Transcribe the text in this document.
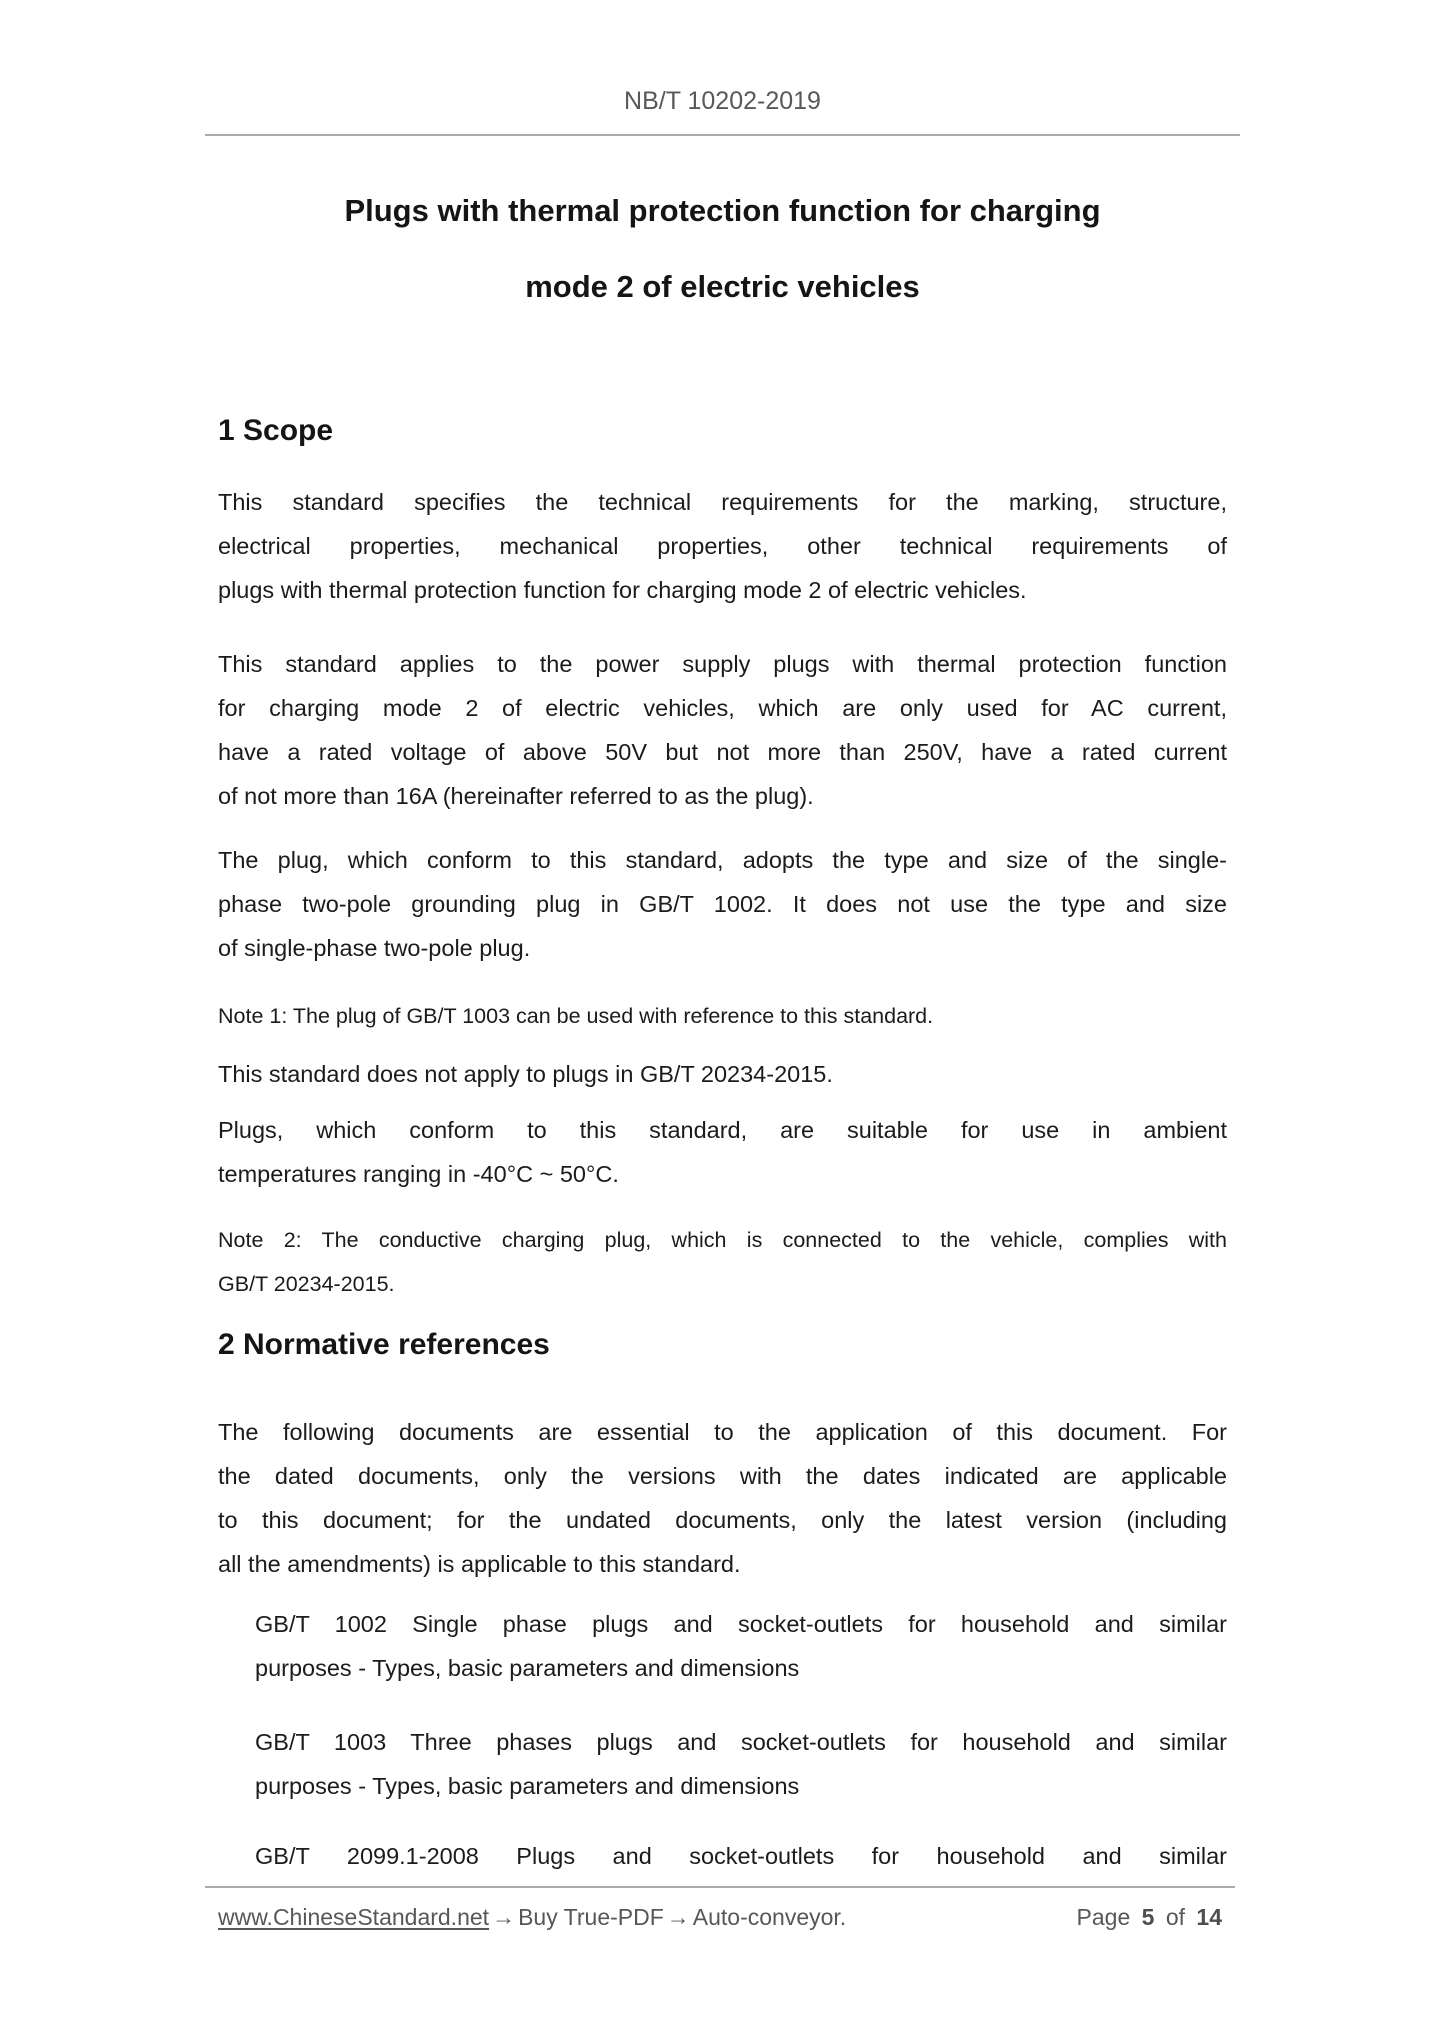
NB/T 10202-2019
Plugs with thermal protection function for charging
mode 2 of electric vehicles
1 Scope
This standard specifies the technical requirements for the marking, structure,
electrical properties, mechanical properties, other technical requirements of
plugs with thermal protection function for charging mode 2 of electric vehicles.
This standard applies to the power supply plugs with thermal protection function
for charging mode 2 of electric vehicles, which are only used for AC current,
have a rated voltage of above 50V but not more than 250V, have a rated current
of not more than 16A (hereinafter referred to as the plug).
The plug, which conform to this standard, adopts the type and size of the single-
phase two-pole grounding plug in GB/T 1002. It does not use the type and size
of single-phase two-pole plug.
Note 1: The plug of GB/T 1003 can be used with reference to this standard.
This standard does not apply to plugs in GB/T 20234-2015.
Plugs, which conform to this standard, are suitable for use in ambient
temperatures ranging in -40°C ~ 50°C.
Note 2: The conductive charging plug, which is connected to the vehicle, complies with
GB/T 20234-2015.
2 Normative references
The following documents are essential to the application of this document. For
the dated documents, only the versions with the dates indicated are applicable
to this document; for the undated documents, only the latest version (including
all the amendments) is applicable to this standard.
GB/T 1002 Single phase plugs and socket-outlets for household and similar
purposes - Types, basic parameters and dimensions
GB/T 1003 Three phases plugs and socket-outlets for household and similar
purposes - Types, basic parameters and dimensions
GB/T 2099.1-2008 Plugs and socket-outlets for household and similar
www.ChineseStandard.net → Buy True-PDF → Auto-conveyor.	Page 5 of 14
